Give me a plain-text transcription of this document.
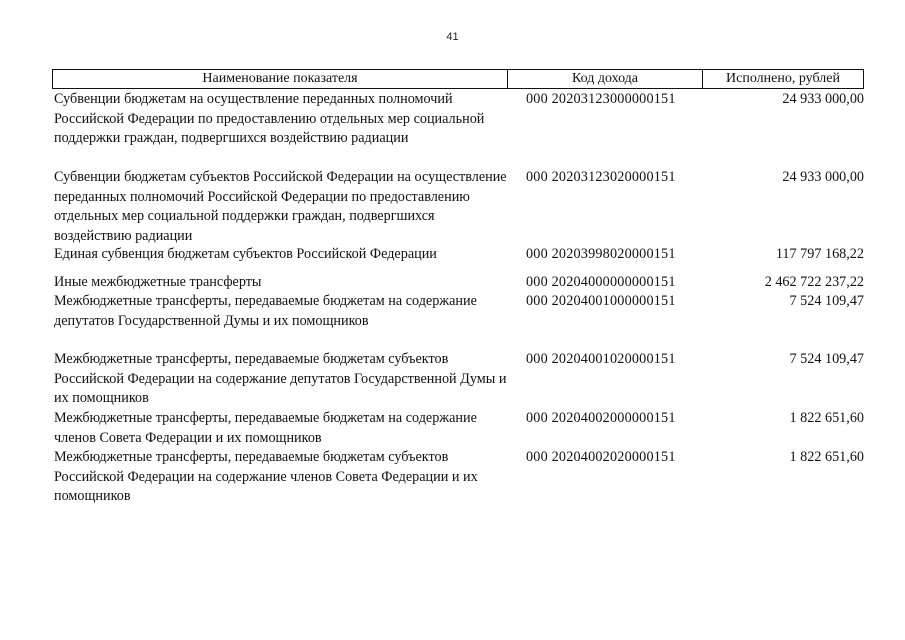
41
Наименование показателя	Код дохода	Исполнено, рублей
Субвенции бюджетам на осуществление переданных полномочий Российской Федерации по предоставлению отдельных мер социальной поддержки граждан, подвергшихся воздействию радиации
000 20203123000000151	24 933 000,00
Субвенции бюджетам субъектов Российской Федерации на осуществление переданных полномочий Российской Федерации по предоставлению отдельных мер социальной поддержки граждан, подвергшихся воздействию радиации
000 20203123020000151	24 933 000,00
Единая субвенция бюджетам субъектов Российской Федерации	000 20203998020000151	117 797 168,22
Иные межбюджетные трансферты	000 20204000000000151	2 462 722 237,22
Межбюджетные трансферты, передаваемые бюджетам на содержание депутатов Государственной Думы и их помощников
000 20204001000000151	7 524 109,47
Межбюджетные трансферты, передаваемые бюджетам субъектов Российской Федерации на содержание депутатов Государственной Думы и их помощников
000 20204001020000151	7 524 109,47
Межбюджетные трансферты, передаваемые бюджетам на содержание членов Совета Федерации и их помощников
000 20204002000000151	1 822 651,60
Межбюджетные трансферты, передаваемые бюджетам субъектов Российской Федерации на содержание членов Совета Федерации и их помощников
000 20204002020000151	1 822 651,60
